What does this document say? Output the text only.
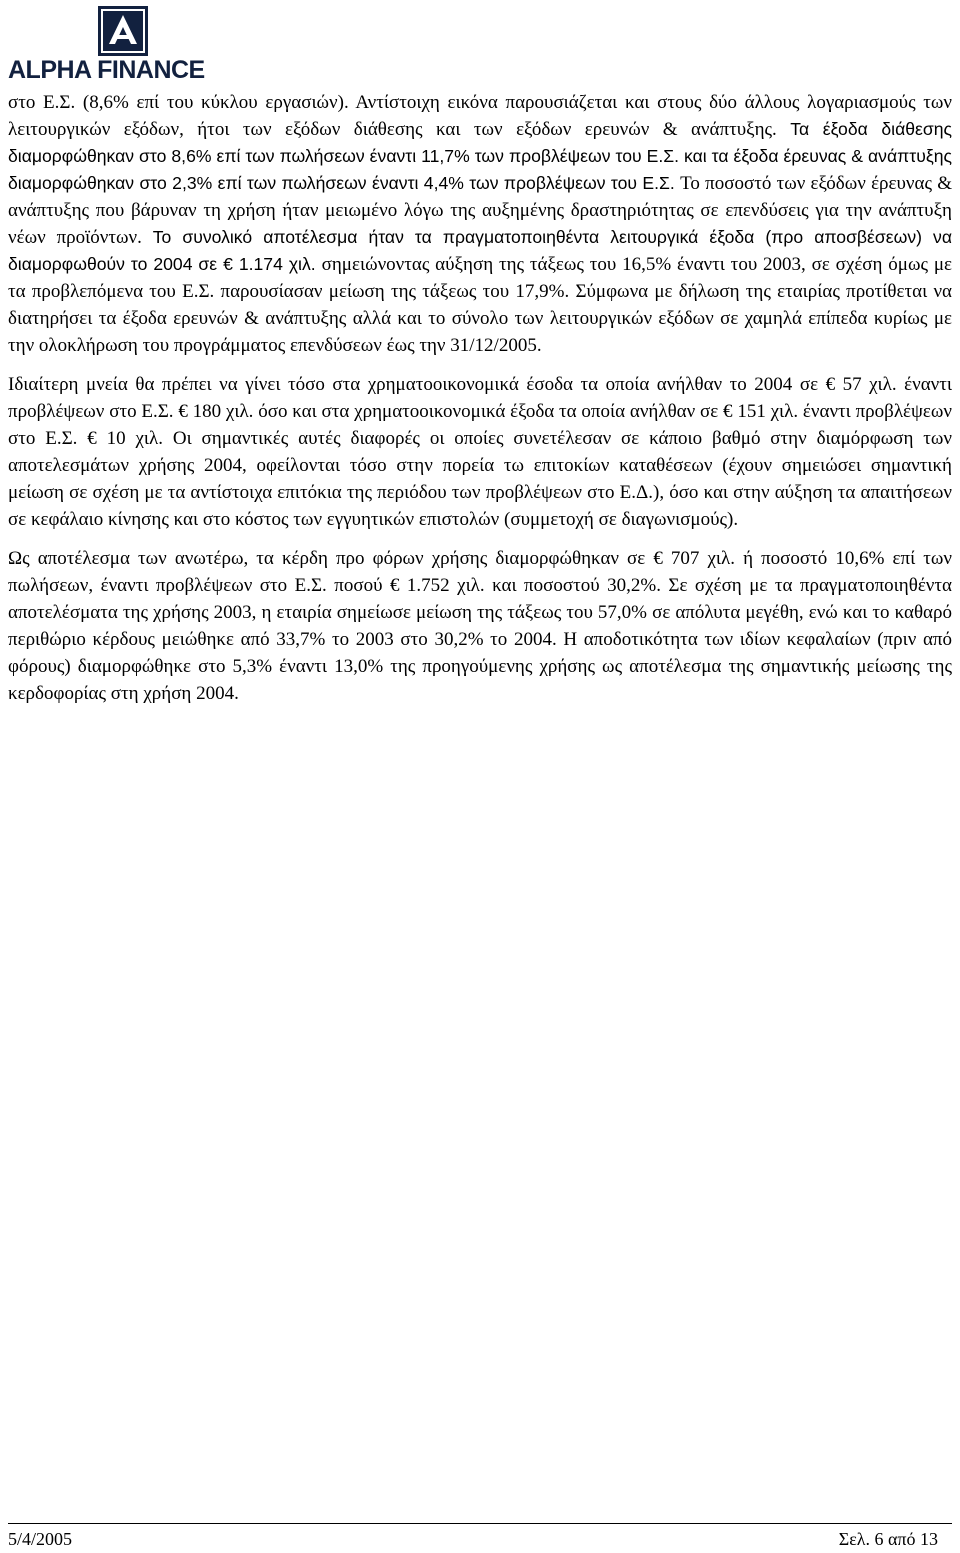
ALPHA FINANCE

στο Ε.Σ. (8,6% επί του κύκλου εργασιών). Αντίστοιχη εικόνα παρουσιάζεται και στους δύο άλλους λογαριασμούς των λειτουργικών εξόδων, ήτοι των εξόδων διάθεσης και των εξόδων ερευνών & ανάπτυξης. Τα έξοδα διάθεσης διαμορφώθηκαν στο 8,6% επί των πωλήσεων έναντι 11,7% των προβλέψεων του Ε.Σ. και τα έξοδα έρευνας & ανάπτυξης διαμορφώθηκαν στο 2,3% επί των πωλήσεων έναντι 4,4% των προβλέψεων του Ε.Σ. Το ποσοστό των εξόδων έρευνας & ανάπτυξης που βάρυναν τη χρήση ήταν μειωμένο λόγω της αυξημένης δραστηριότητας σε επενδύσεις για την ανάπτυξη νέων προϊόντων. Το συνολικό αποτέλεσμα ήταν τα πραγματοποιηθέντα λειτουργικά έξοδα (προ αποσβέσεων) να διαμορφωθούν το 2004 σε € 1.174 χιλ. σημειώνοντας αύξηση της τάξεως του 16,5% έναντι του 2003, σε σχέση όμως με τα προβλεπόμενα του Ε.Σ. παρουσίασαν μείωση της τάξεως του 17,9%. Σύμφωνα με δήλωση της εταιρίας προτίθεται να διατηρήσει τα έξοδα ερευνών & ανάπτυξης αλλά και το σύνολο των λειτουργικών εξόδων σε χαμηλά επίπεδα κυρίως με την ολοκλήρωση του προγράμματος επενδύσεων έως την 31/12/2005.

Ιδιαίτερη μνεία θα πρέπει να γίνει τόσο στα χρηματοοικονομικά έσοδα τα οποία ανήλθαν το 2004 σε € 57 χιλ. έναντι προβλέψεων στο Ε.Σ. € 180 χιλ. όσο και στα χρηματοοικονομικά έξοδα τα οποία ανήλθαν σε € 151 χιλ. έναντι προβλέψεων στο Ε.Σ. € 10 χιλ. Οι σημαντικές αυτές διαφορές οι οποίες συνετέλεσαν σε κάποιο βαθμό στην διαμόρφωση των αποτελεσμάτων χρήσης 2004, οφείλονται τόσο στην πορεία τω επιτοκίων καταθέσεων (έχουν σημειώσει σημαντική μείωση σε σχέση με τα αντίστοιχα επιτόκια της περιόδου των προβλέψεων στο Ε.Δ.), όσο και στην αύξηση τα απαιτήσεων σε κεφάλαιο κίνησης και στο κόστος των εγγυητικών επιστολών (συμμετοχή σε διαγωνισμούς).

Ως αποτέλεσμα των ανωτέρω, τα κέρδη προ φόρων χρήσης διαμορφώθηκαν σε € 707 χιλ. ή ποσοστό 10,6% επί των πωλήσεων, έναντι προβλέψεων στο Ε.Σ. ποσού € 1.752 χιλ. και ποσοστού 30,2%. Σε σχέση με τα πραγματοποιηθέντα αποτελέσματα της χρήσης 2003, η εταιρία σημείωσε μείωση της τάξεως του 57,0% σε απόλυτα μεγέθη, ενώ και το καθαρό περιθώριο κέρδους μειώθηκε από 33,7% το 2003 στο 30,2% το 2004. Η αποδοτικότητα των ιδίων κεφαλαίων (πριν από φόρους) διαμορφώθηκε στο 5,3% έναντι 13,0% της προηγούμενης χρήσης ως αποτέλεσμα της σημαντικής μείωσης της κερδοφορίας στη χρήση 2004.

5/4/2005	Σελ. 6 από 13
